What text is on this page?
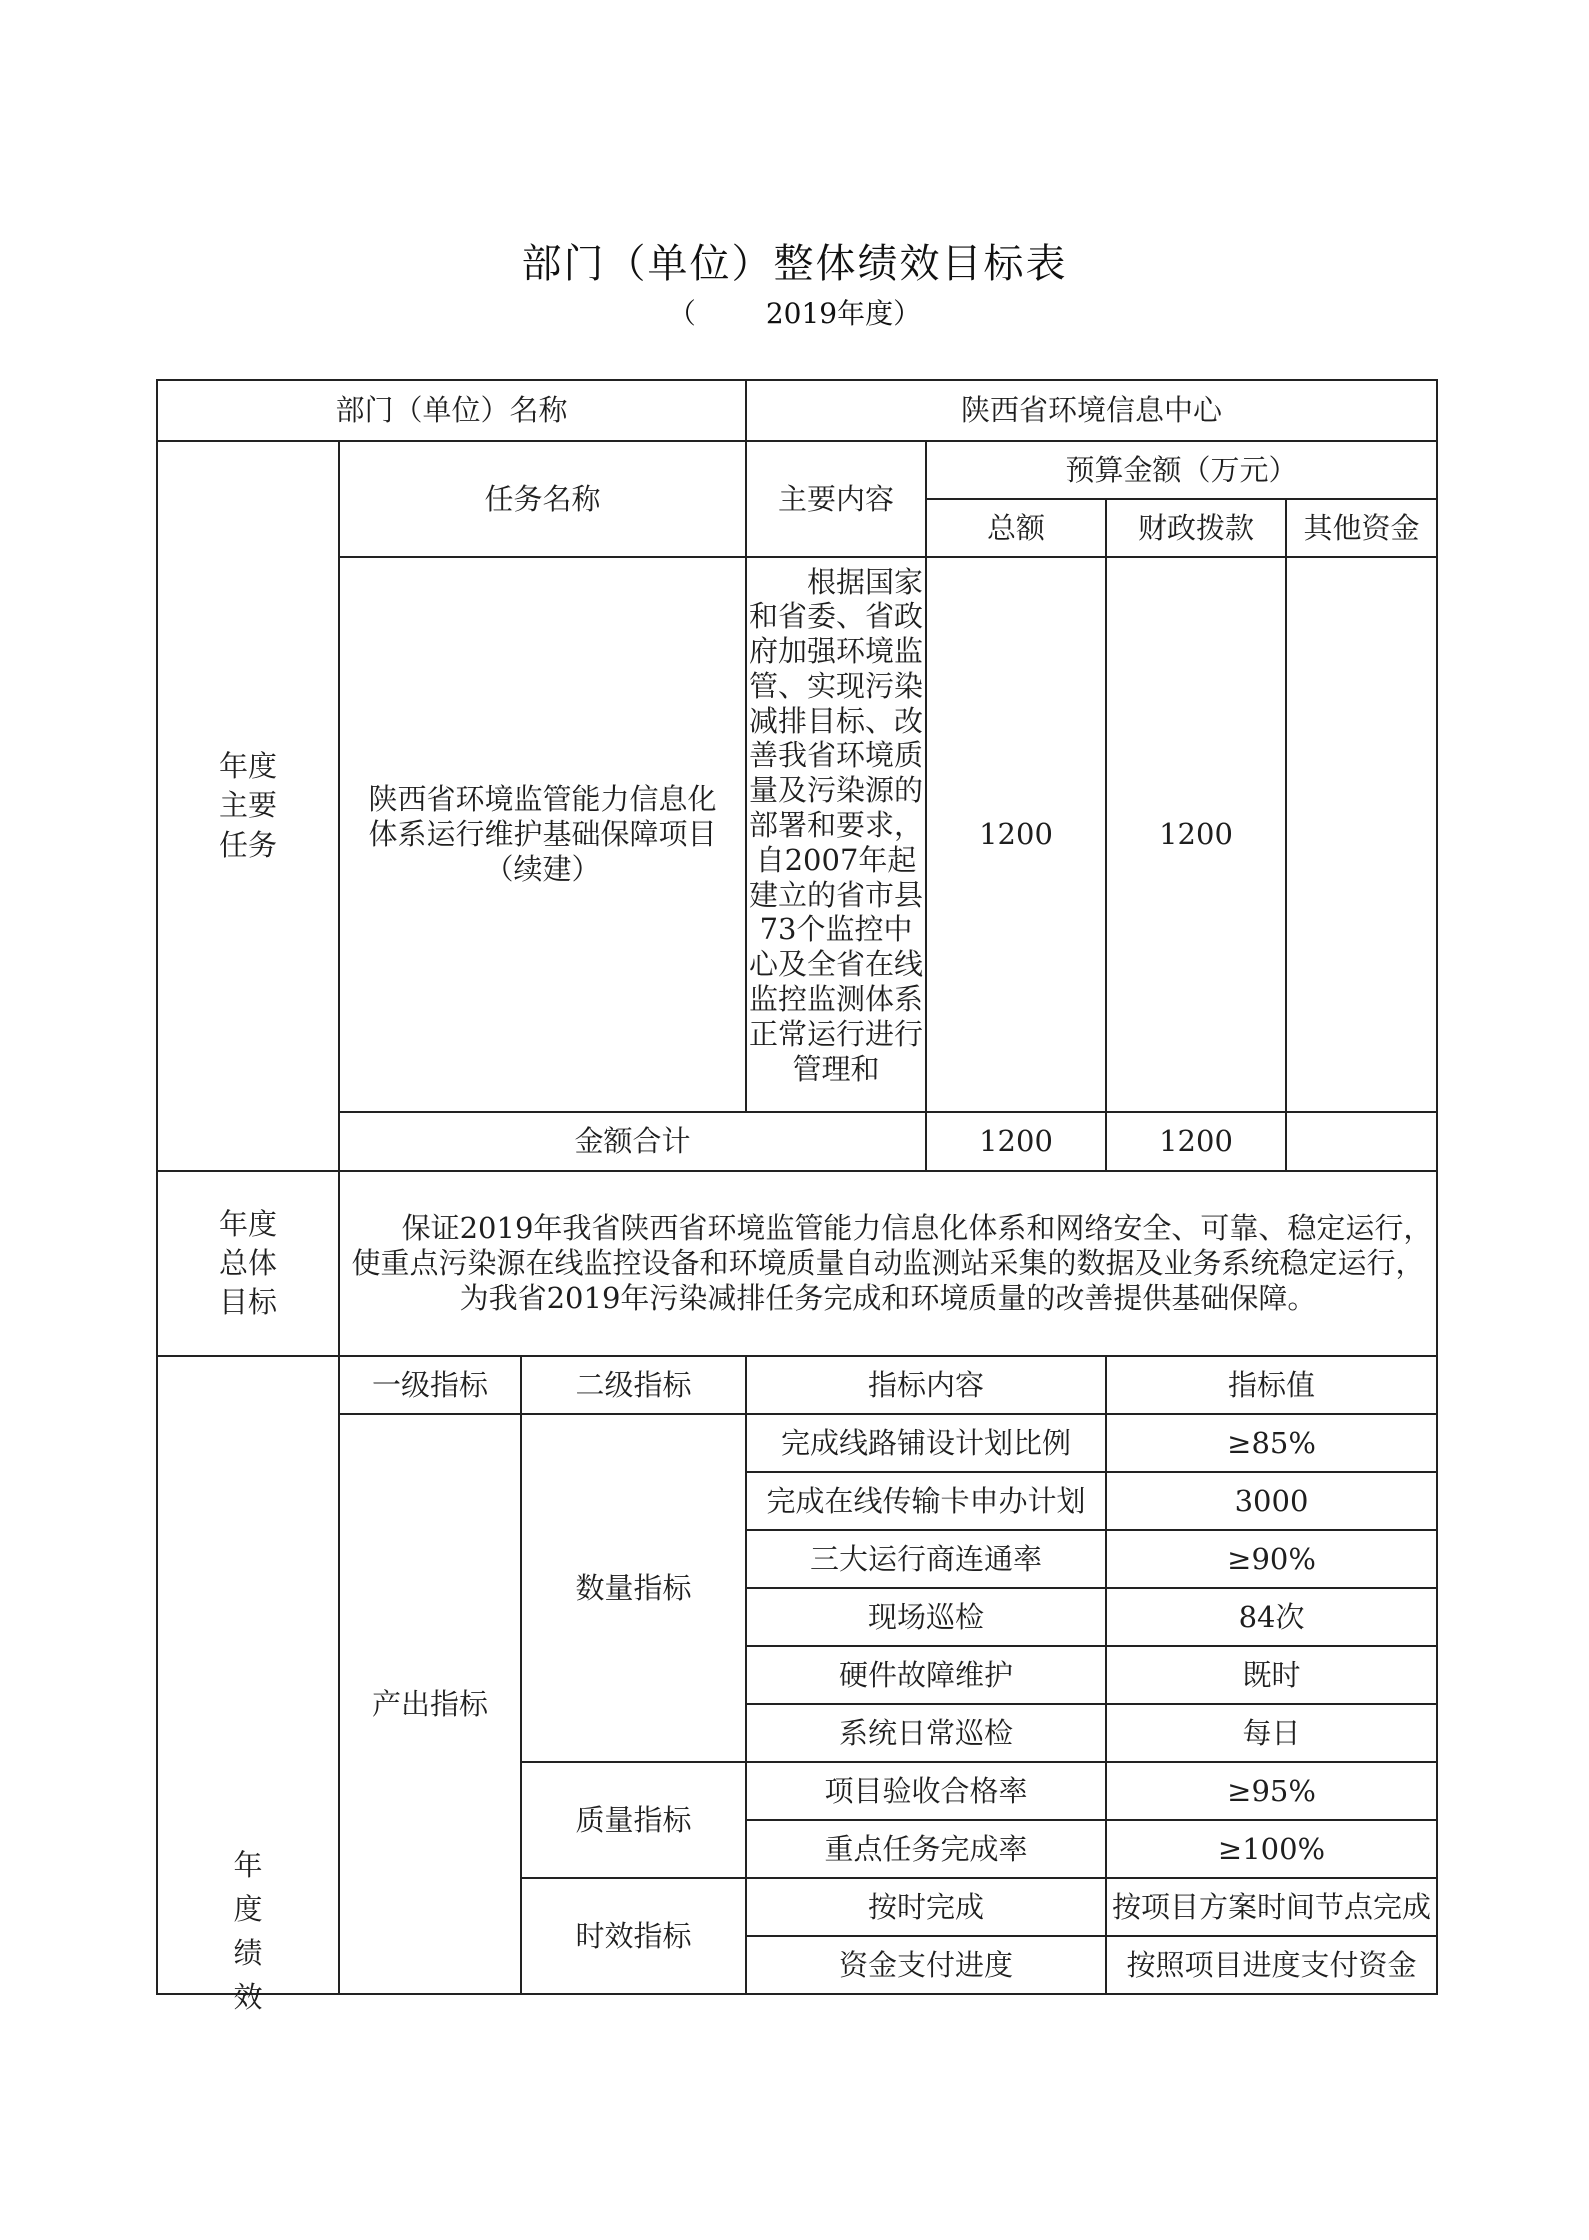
部门（单位）整体绩效目标表
（	2019年度）
部门（单位）名称			陕西省环境信息中心			

年度
主要
任务	任务名称		主要内容	预算金额（万元）		
				总额	财政拨款	其他资金
	陕西省环境监管能力信息化体系运行维护基础保障项目（续建）		根据国家和省委、省政府加强环境监管、实现污染减排目标、改善我省环境质量及污染源的部署和要求，自2007年起建立的省市县73个监控中心及全省在线监控监测体系正常运行进行管理和	1200	1200	
	金额合计			1200	1200	

年度
总体
目标	保证2019年我省陕西省环境监管能力信息化体系和网络安全、可靠、稳定运行，使重点污染源在线监控设备和环境质量自动监测站采集的数据及业务系统稳定运行，为我省2019年污染减排任务完成和环境质量的改善提供基础保障。					

年
度
绩
效	一级指标	二级指标	指标内容		指标值	
	产出指标	数量指标	完成线路铺设计划比例		≥85%	
			完成在线传输卡申办计划		3000	
			三大运行商连通率		≥90%	
			现场巡检		84次	
			硬件故障维护		既时	
			系统日常巡检		每日	
		质量指标	项目验收合格率		≥95%	
			重点任务完成率		≥100%	
		时效指标	按时完成		按项目方案时间节点完成	
			资金支付进度		按照项目进度支付资金	
